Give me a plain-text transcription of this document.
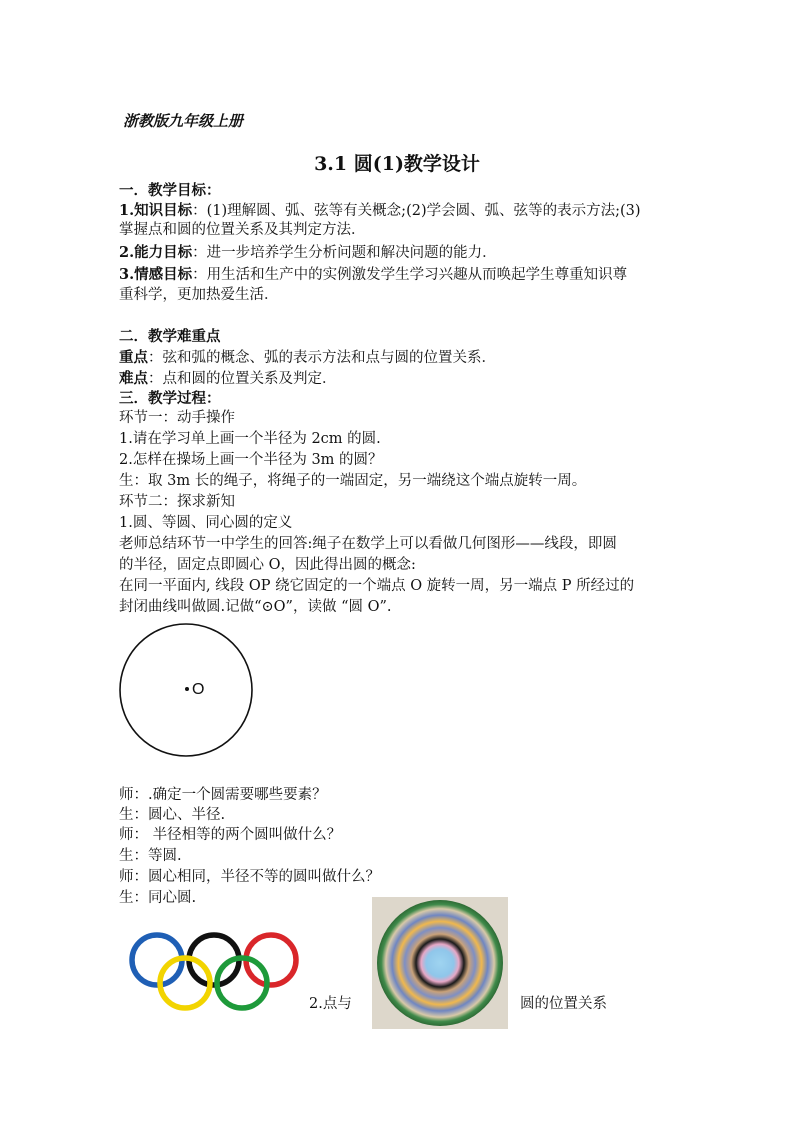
浙教版九年级上册
3.1 圆(1)教学设计
一．教学目标：
1.知识目标：(1)理解圆、弧、弦等有关概念;(2)学会圆、弧、弦等的表示方法;(3)
掌握点和圆的位置关系及其判定方法．
2.能力目标：进一步培养学生分析问题和解决问题的能力．
3.情感目标：用生活和生产中的实例激发学生学习兴趣从而唤起学生尊重知识尊
重科学，更加热爱生活．
二．教学难重点
重点：弦和弧的概念、弧的表示方法和点与圆的位置关系．
难点：点和圆的位置关系及判定．
三．教学过程：
环节一：动手操作
1.请在学习单上画一个半径为 2cm 的圆.
2.怎样在操场上画一个半径为 3m 的圆？
生：取 3m 长的绳子，将绳子的一端固定，另一端绕这个端点旋转一周。
环节二：探求新知
1.圆、等圆、同心圆的定义
老师总结环节一中学生的回答:绳子在数学上可以看做几何图形——线段，即圆
的半径，固定点即圆心 O，因此得出圆的概念:
在同一平面内, 线段 OP 绕它固定的一个端点 O 旋转一周，另一端点 P 所经过的
封闭曲线叫做圆.记做“⊙O”，读做 “圆 O”.
O
师：.确定一个圆需要哪些要素？
生：圆心、半径.
师： 半径相等的两个圆叫做什么？
生：等圆.
师：圆心相同，半径不等的圆叫做什么？
生：同心圆.
2.点与	圆的位置关系
